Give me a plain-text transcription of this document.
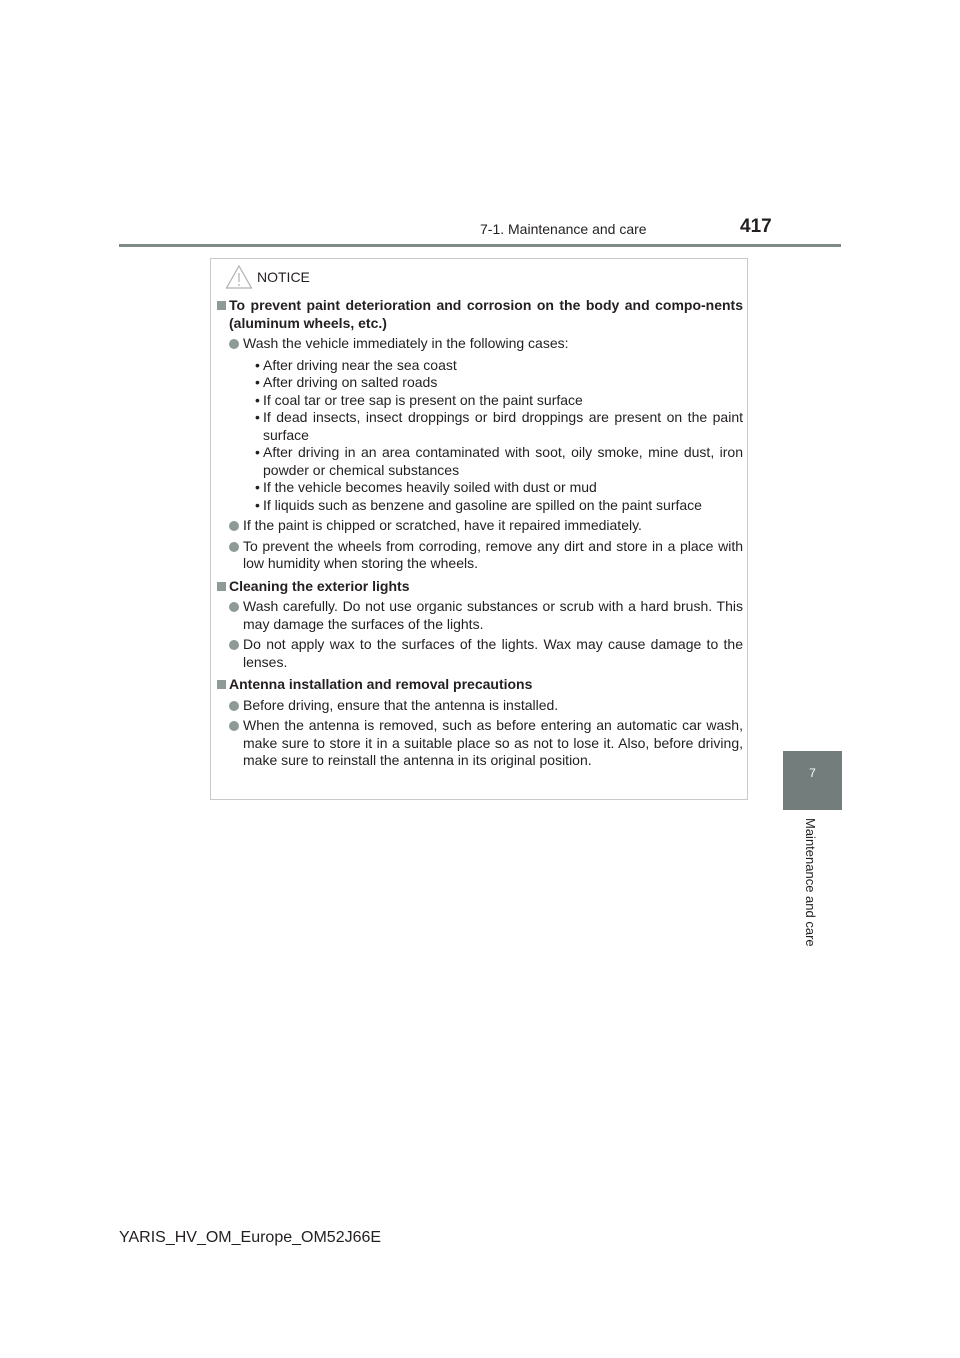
7-1. Maintenance and care	417
7
Maintenance and care
NOTICE
To prevent paint deterioration and corrosion on the body and compo-nents (aluminum wheels, etc.)
Wash the vehicle immediately in the following cases:
• After driving near the sea coast
• After driving on salted roads
• If coal tar or tree sap is present on the paint surface
• If dead insects, insect droppings or bird droppings are present on the paint surface
• After driving in an area contaminated with soot, oily smoke, mine dust, iron powder or chemical substances
• If the vehicle becomes heavily soiled with dust or mud
• If liquids such as benzene and gasoline are spilled on the paint surface
If the paint is chipped or scratched, have it repaired immediately.
To prevent the wheels from corroding, remove any dirt and store in a place with low humidity when storing the wheels.
Cleaning the exterior lights
Wash carefully. Do not use organic substances or scrub with a hard brush. This may damage the surfaces of the lights.
Do not apply wax to the surfaces of the lights. Wax may cause damage to the lenses.
Antenna installation and removal precautions
Before driving, ensure that the antenna is installed.
When the antenna is removed, such as before entering an automatic car wash, make sure to store it in a suitable place so as not to lose it. Also, before driving, make sure to reinstall the antenna in its original position.
YARIS_HV_OM_Europe_OM52J66E
